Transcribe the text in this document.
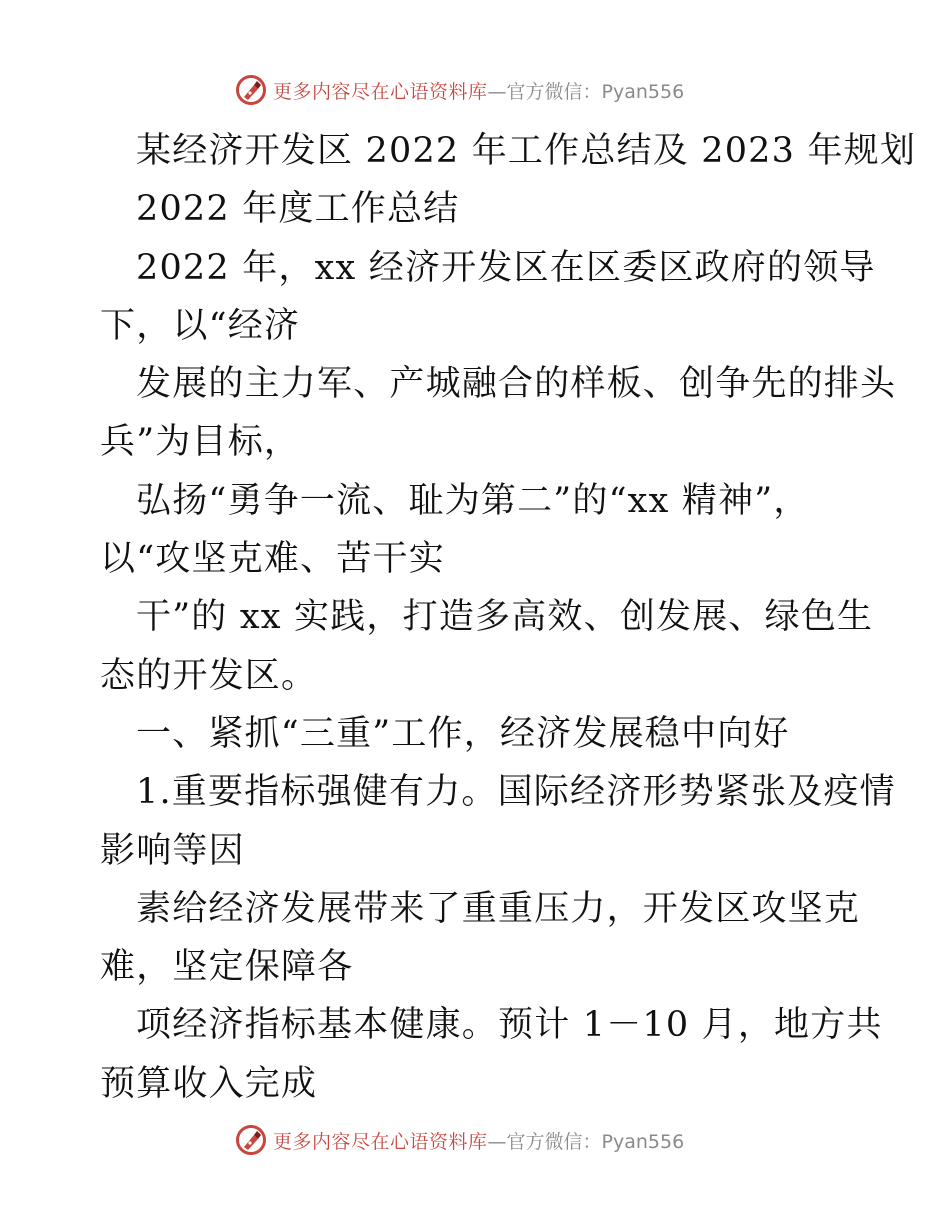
更多内容尽在心语资料库 —官方微信：Pyan556
某经济开发区 2022 年工作总结及 2023 年规划
2022 年度工作总结
2022 年，xx 经济开发区在区委区政府的领导
下，以“经济
发展的主力军、产城融合的样板、创争先的排头
兵”为目标，
弘扬“勇争一流、耻为第二”的“xx 精神”，
以“攻坚克难、苦干实
干”的 xx 实践，打造多高效、创发展、绿色生
态的开发区。
一、紧抓“三重”工作，经济发展稳中向好
1.重要指标强健有力。国际经济形势紧张及疫情
影响等因
素给经济发展带来了重重压力，开发区攻坚克
难，坚定保障各
项经济指标基本健康。预计 1－10 月，地方共
预算收入完成
更多内容尽在心语资料库 —官方微信：Pyan556
